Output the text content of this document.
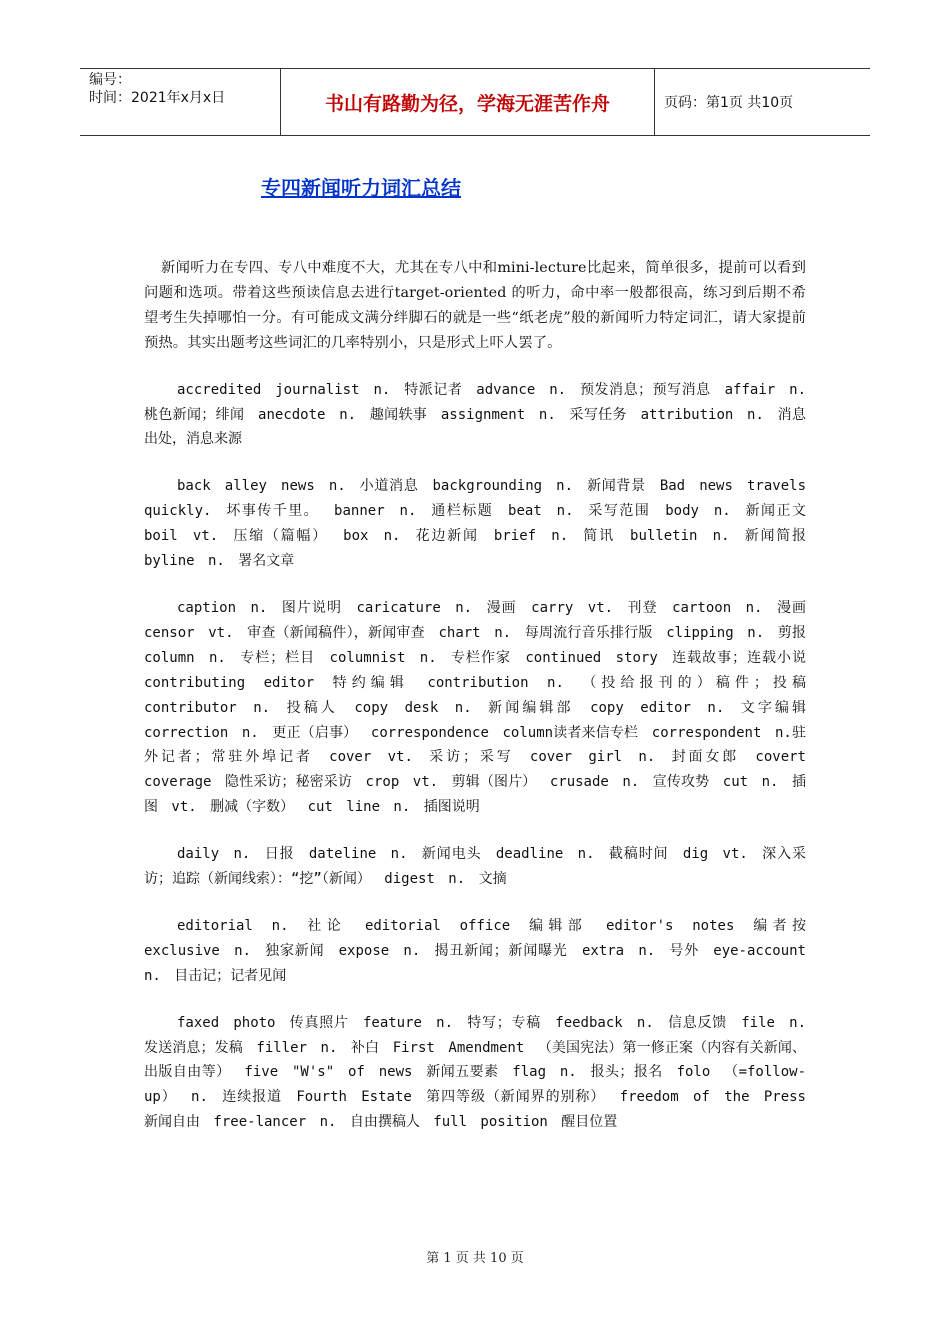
编号：
时间：2021年x月x日	书山有路勤为径，学海无涯苦作舟	页码：第1页 共10页
专四新闻听力词汇总结

新闻听力在专四、专八中难度不大，尤其在专八中和mini-lecture比起来，简单很多，提前可以看到问题和选项。带着这些预读信息去进行target-oriented 的听力，命中率一般都很高，练习到后期不希望考生失掉哪怕一分。有可能成文满分绊脚石的就是一些“纸老虎”般的新闻听力特定词汇，请大家提前预热。其实出题考这些词汇的几率特别小，只是形式上吓人罢了。

accredited journalist n. 特派记者 advance n. 预发消息；预写消息 affair n. 桃色新闻；绯闻 anecdote n. 趣闻轶事 assignment n. 采写任务 attribution n. 消息出处，消息来源

back alley news n. 小道消息 backgrounding n. 新闻背景 Bad news travels quickly. 坏事传千里。 banner n. 通栏标题 beat n. 采写范围 body n. 新闻正文 boil vt. 压缩（篇幅） box n. 花边新闻 brief n. 简讯 bulletin n. 新闻简报 byline n. 署名文章

caption n. 图片说明 caricature n. 漫画 carry vt. 刊登 cartoon n. 漫画 censor vt. 审查（新闻稿件），新闻审查 chart n. 每周流行音乐排行版 clipping n. 剪报 column n. 专栏；栏目 columnist n. 专栏作家 continued story 连载故事；连载小说 contributing editor 特约编辑 contribution n. （投给报刊的）稿件；投稿 contributor n. 投稿人 copy desk n. 新闻编辑部 copy editor n. 文字编辑 correction n. 更正（启事） correspondence column读者来信专栏 correspondent n.驻外记者；常驻外埠记者 cover vt. 采访；采写 cover girl n. 封面女郎 covert coverage 隐性采访；秘密采访 crop vt. 剪辑（图片） crusade n. 宣传攻势 cut n. 插图 vt. 删减（字数） cut line n. 插图说明

daily n. 日报 dateline n. 新闻电头 deadline n. 截稿时间 dig vt. 深入采访；追踪（新闻线索）：“挖”（新闻） digest n. 文摘

editorial n. 社论 editorial office 编辑部 editor's notes 编者按 exclusive n. 独家新闻 expose n. 揭丑新闻；新闻曝光 extra n. 号外 eye-account n. 目击记；记者见闻

faxed photo 传真照片 feature n. 特写；专稿 feedback n. 信息反馈 file n. 发送消息；发稿 filler n. 补白 First Amendment （美国宪法）第一修正案（内容有关新闻、出版自由等） five "W's" of news 新闻五要素 flag n. 报头；报名 folo （=follow-up） n. 连续报道 Fourth Estate 第四等级（新闻界的别称） freedom of the Press 新闻自由 free-lancer n. 自由撰稿人 full position 醒目位置

第 1 页 共 10 页
